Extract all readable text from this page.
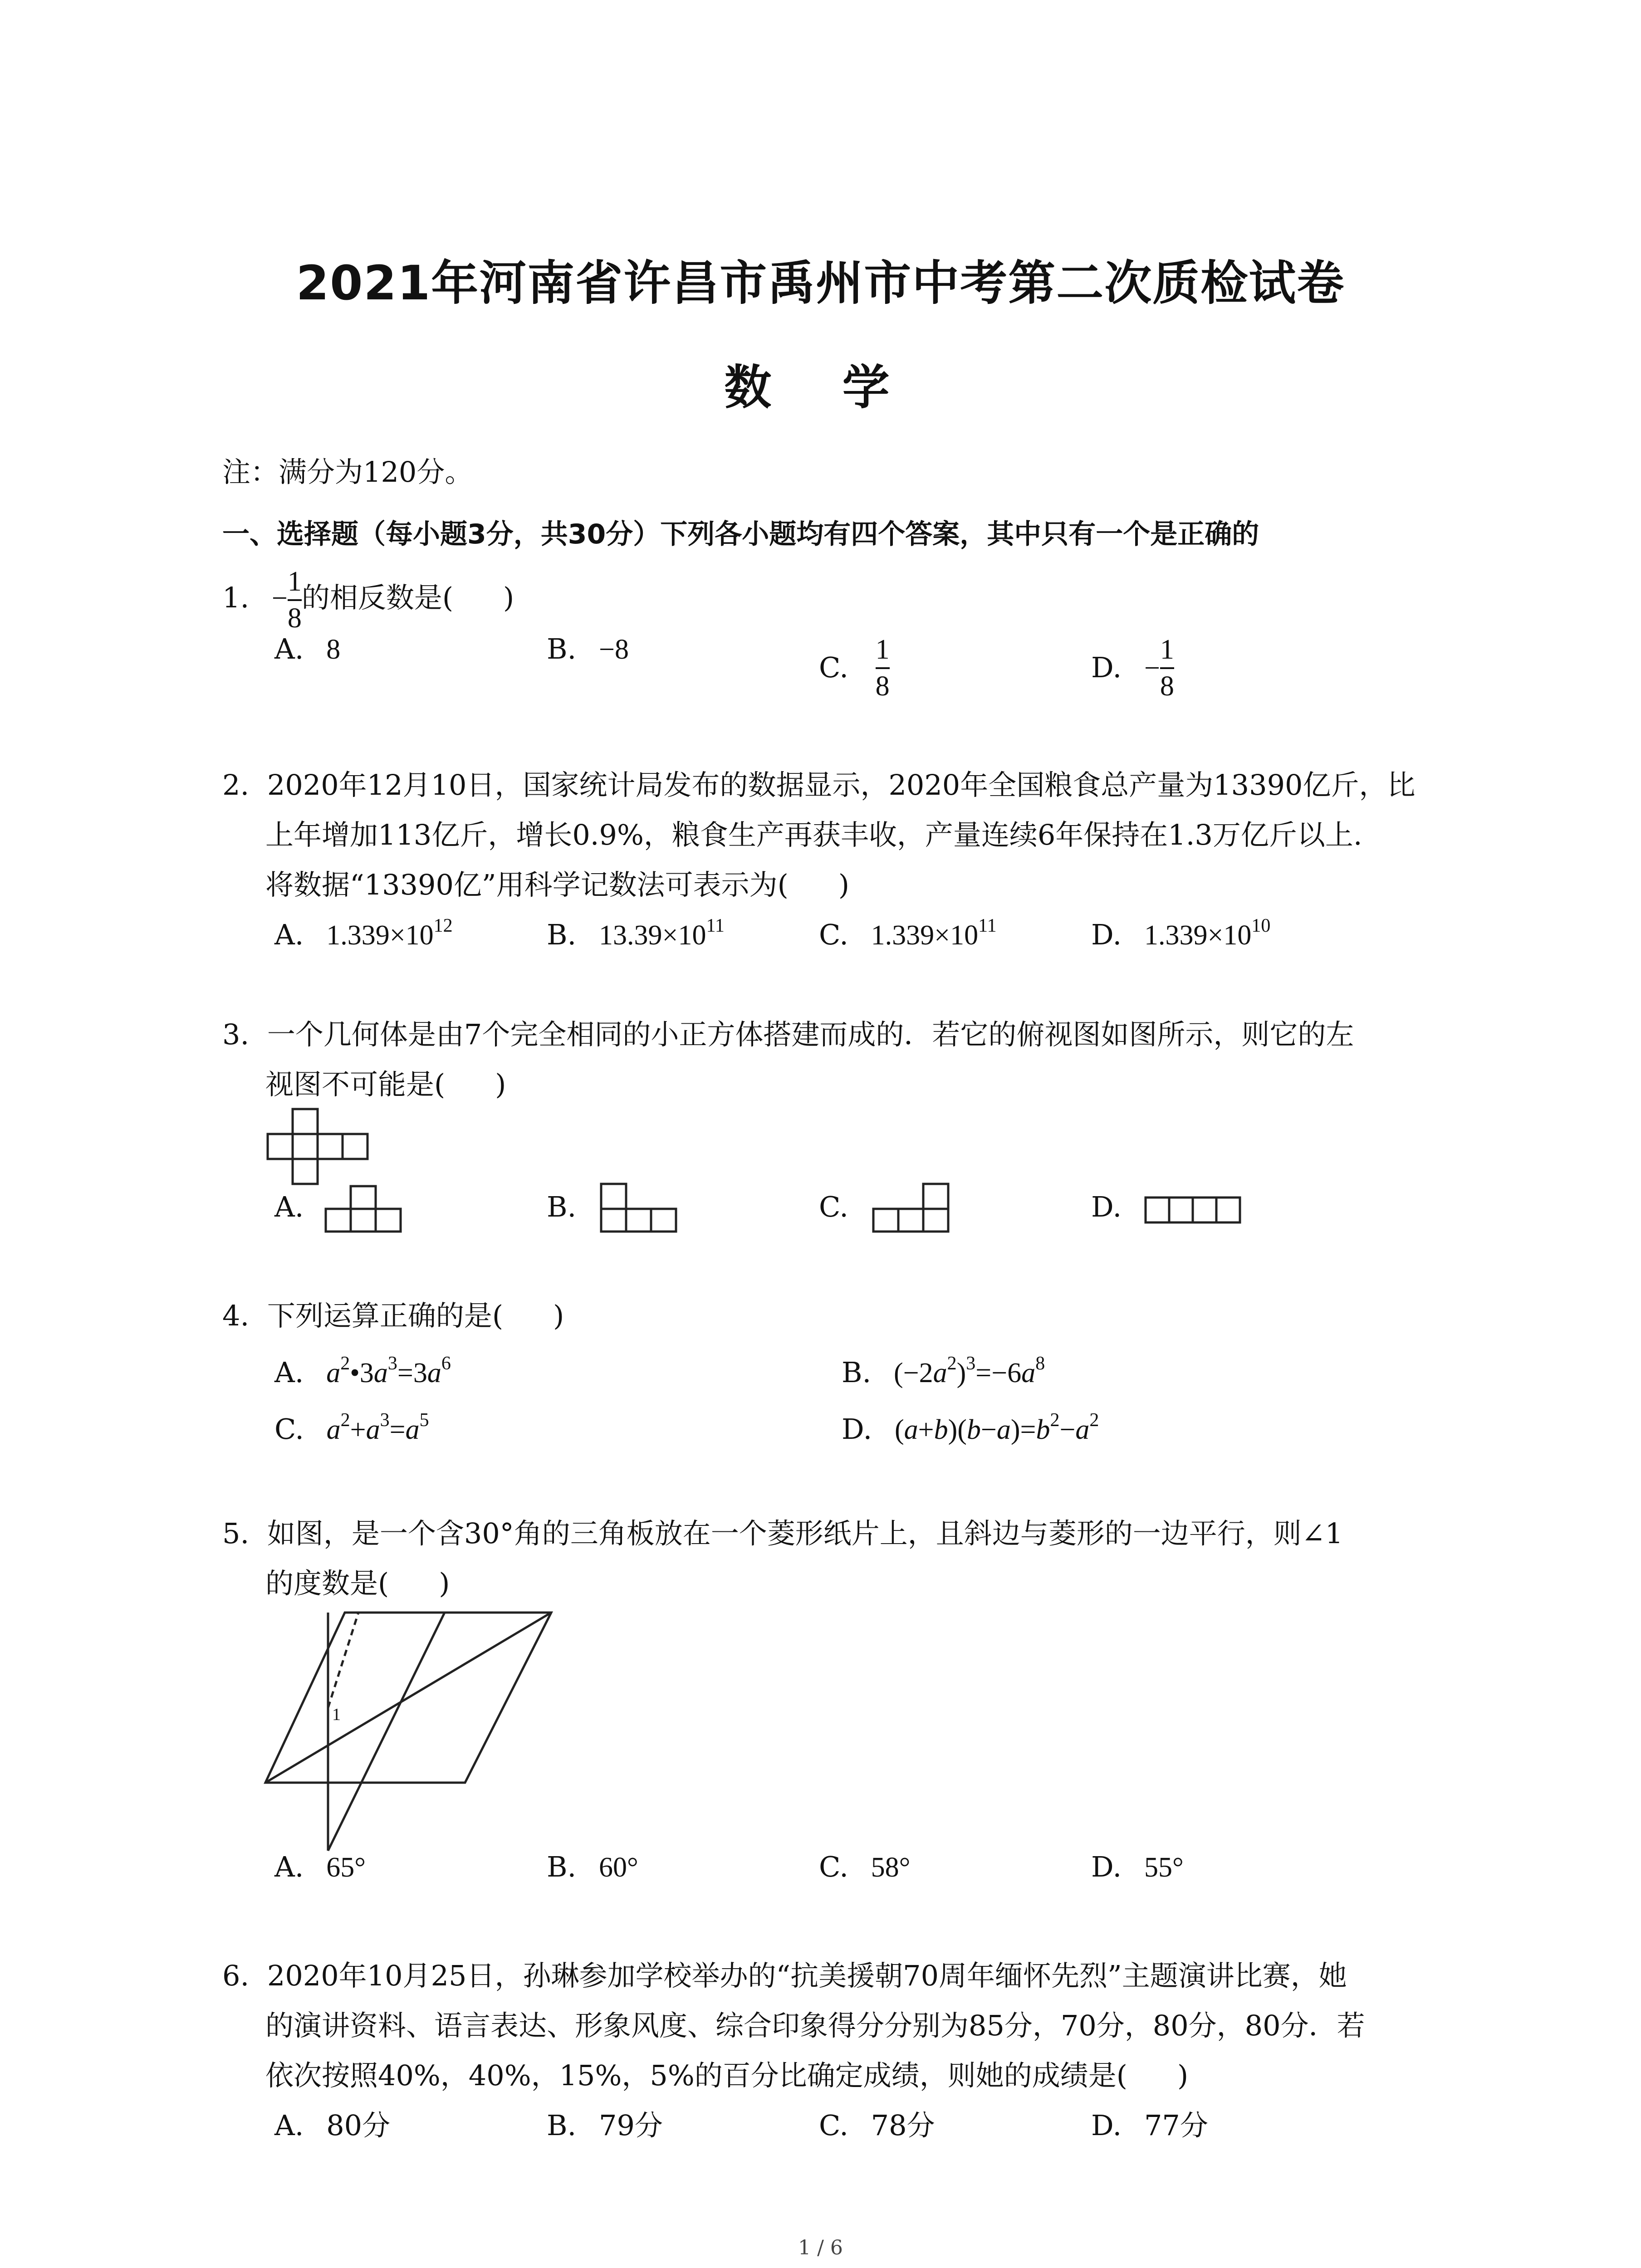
2021年河南省许昌市禹州市中考第二次质检试卷
数 学
注：满分为120分。
一、选择题（每小题3分，共30分）下列各小题均有四个答案，其中只有一个是正确的
1. − $\frac{1}{8}$ 的相反数是( )
A. 8	B. −8
C. $\frac{1}{8}$	D. − $\frac{1}{8}$
2. 2020年12月10日，国家统计局发布的数据显示，2020年全国粮食总产量为13390亿斤，比
上年增加113亿斤，增长0.9%，粮食生产再获丰收，产量连续6年保持在1.3万亿斤以上.
将数据“13390亿”用科学记数法可表示为( )
A. $1.339\times 10^{12}$	B. $13.39\times 10^{11}$	C. $1.339\times 10^{11}$	D. $1.339\times 10^{10}$
3. 一个几何体是由7个完全相同的小正方体搭建而成的．若它的俯视图如图所示，则它的左
视图不可能是( )
A.	B.	C.	D.
4. 下列运算正确的是( )
A. $a^2•3a^3=3a^6$	B. $(-2a^2)^3=-6a^8$
C. $a^2+a^3=a^5$	D. $(a+b)(b-a)=b^2-a^2$
5. 如图，是一个含30°角的三角板放在一个菱形纸片上，且斜边与菱形的一边平行，则∠1
的度数是( )
1
A. 65°	B. 60°	C. 58°	D. 55°
6. 2020年10月25日，孙琳参加学校举办的“抗美援朝70周年缅怀先烈”主题演讲比赛，她
的演讲资料、语言表达、形象风度、综合印象得分分别为85分，70分，80分，80分．若
依次按照40%，40%，15%，5%的百分比确定成绩，则她的成绩是( )
A. 80分	B. 79分	C. 78分	D. 77分
1 / 6
